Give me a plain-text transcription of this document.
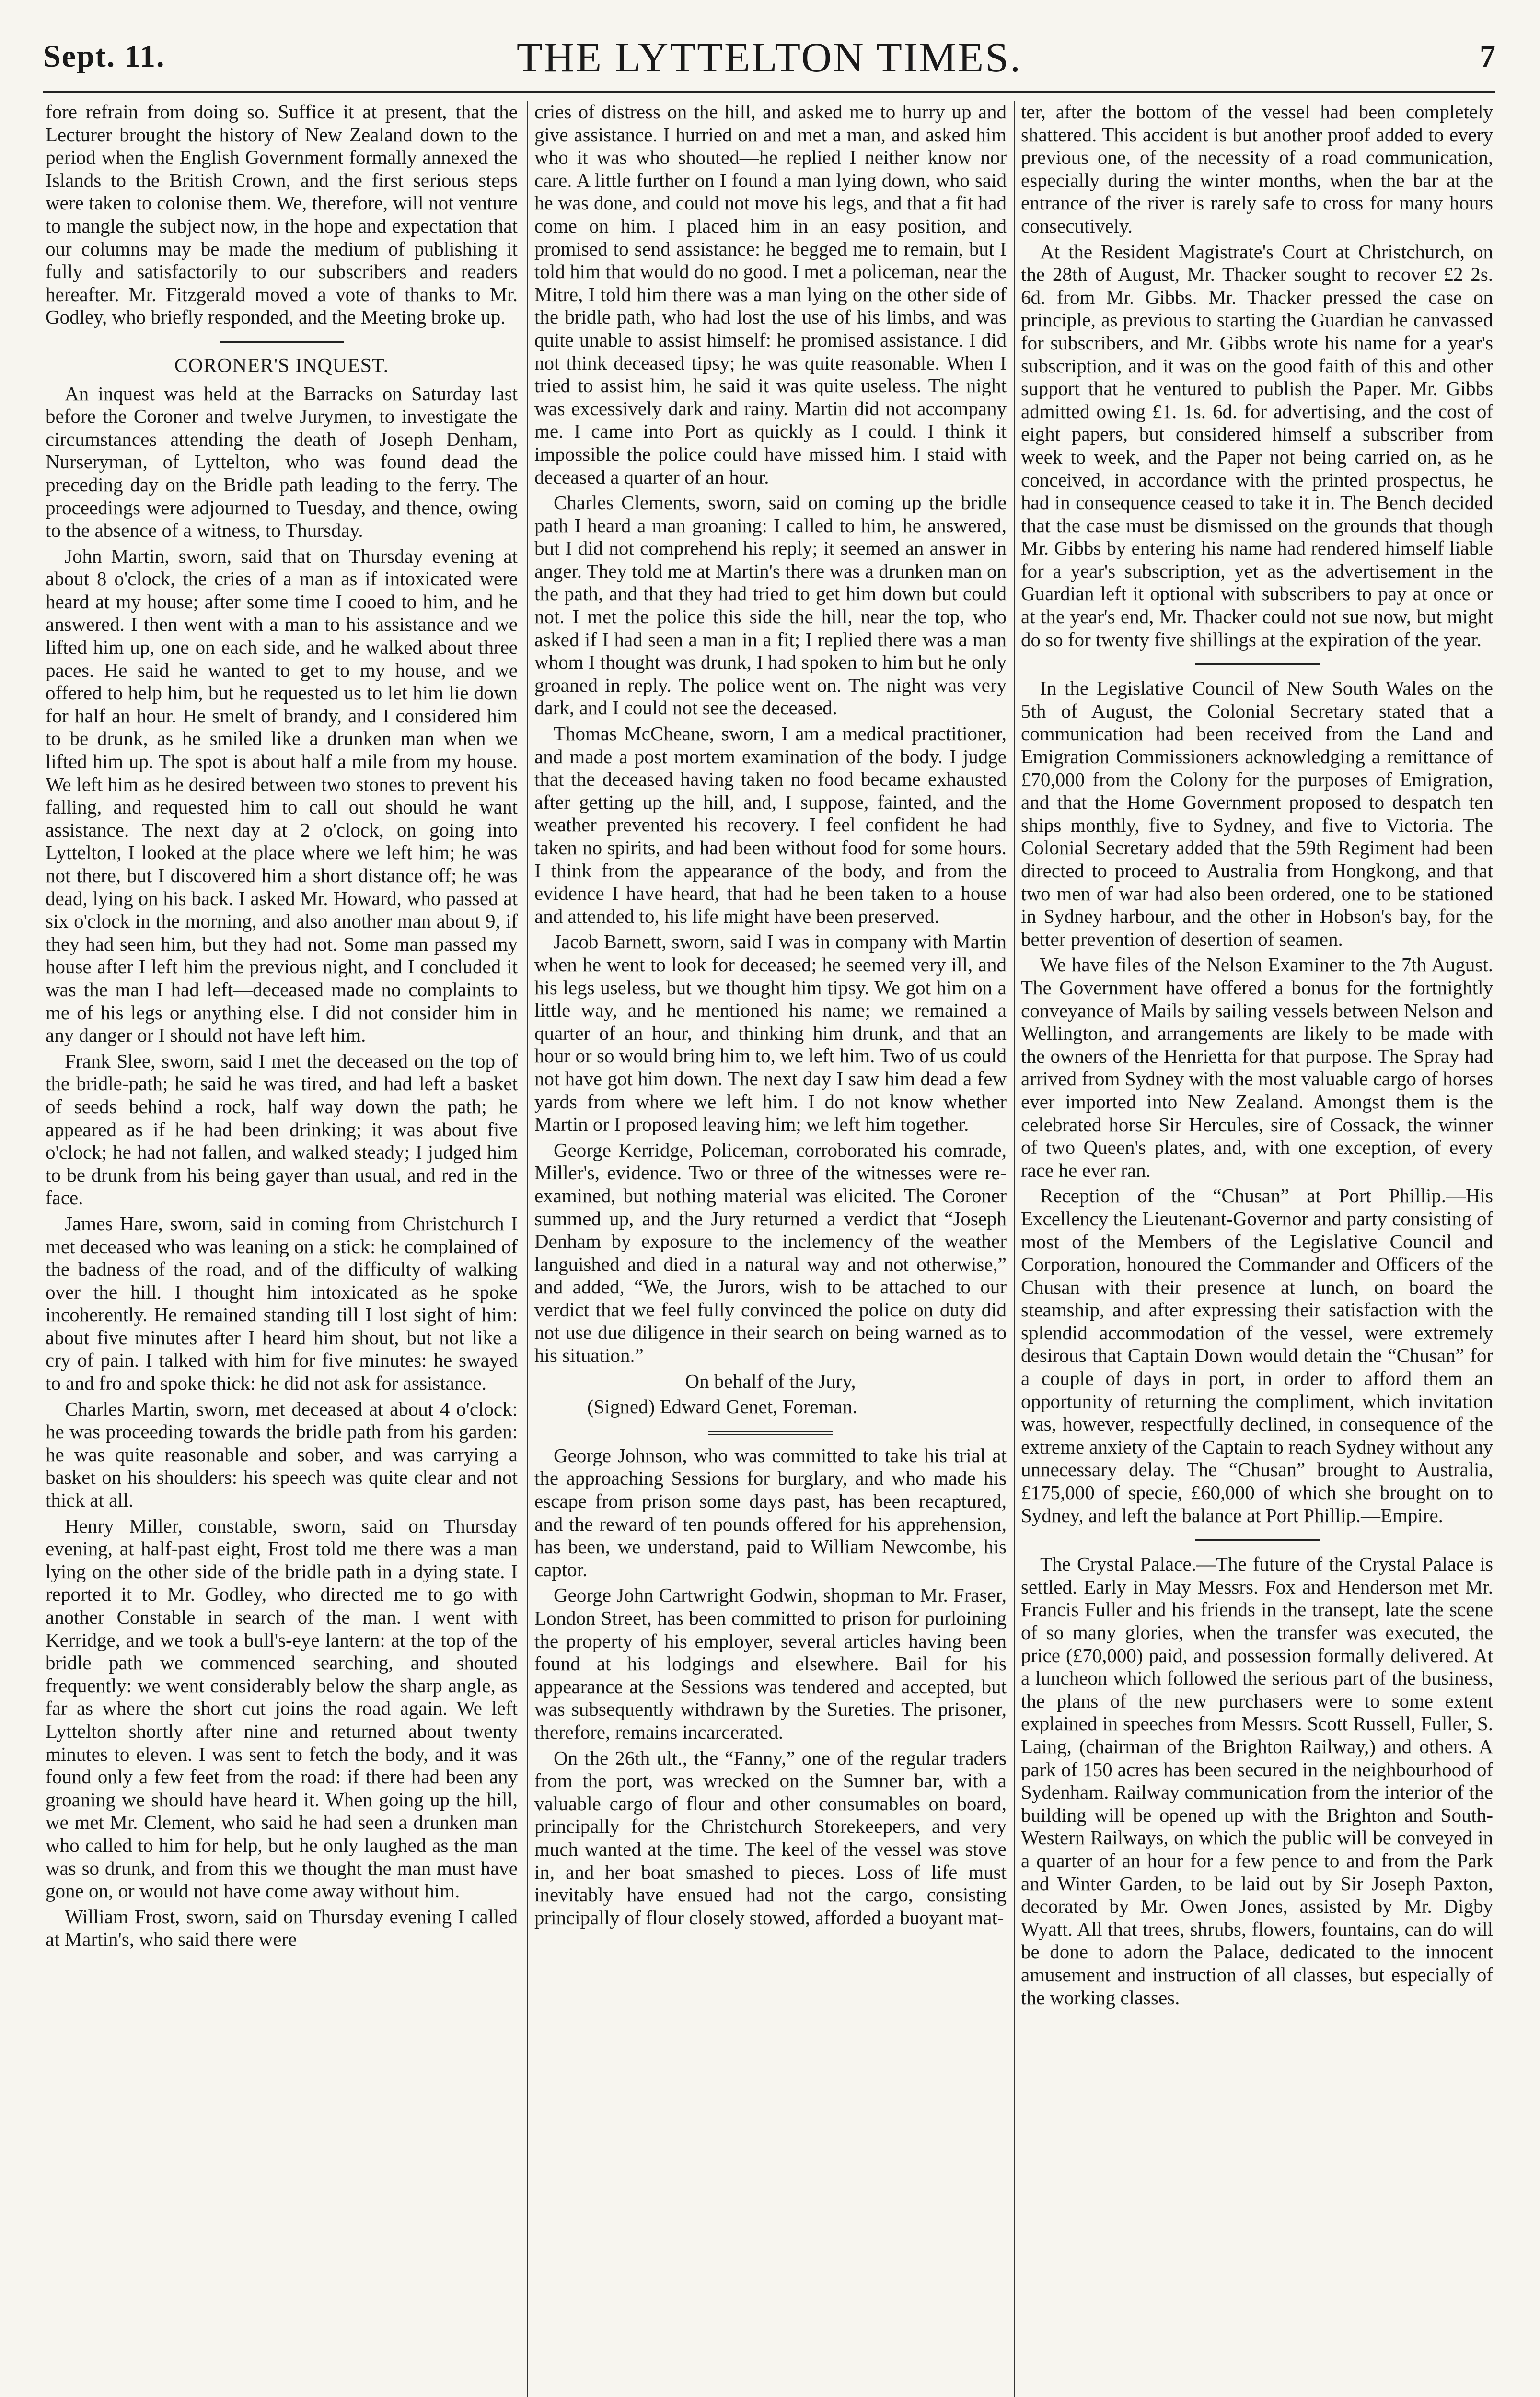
Sept. 11.	THE LYTTELTON TIMES.	7

fore refrain from doing so. Suffice it at present, that the Lecturer brought the history of New Zealand down to the period when the English Government formally annexed the Islands to the British Crown, and the first serious steps were taken to colonise them. We, therefore, will not venture to mangle the subject now, in the hope and expectation that our columns may be made the medium of publishing it fully and satisfactorily to our subscribers and readers hereafter. Mr. Fitzgerald moved a vote of thanks to Mr. Godley, who briefly responded, and the Meeting broke up.

CORONER'S INQUEST.

An inquest was held at the Barracks on Saturday last before the Coroner and twelve Jurymen, to investigate the circumstances attending the death of Joseph Denham, Nurseryman, of Lyttelton, who was found dead the preceding day on the Bridle path leading to the ferry. The proceedings were adjourned to Tuesday, and thence, owing to the absence of a witness, to Thursday.

John Martin, sworn, said that on Thursday evening at about 8 o'clock, the cries of a man as if intoxicated were heard at my house; after some time I cooed to him, and he answered. I then went with a man to his assistance and we lifted him up, one on each side, and he walked about three paces. He said he wanted to get to my house, and we offered to help him, but he requested us to let him lie down for half an hour. He smelt of brandy, and I considered him to be drunk, as he smiled like a drunken man when we lifted him up. The spot is about half a mile from my house. We left him as he desired between two stones to prevent his falling, and requested him to call out should he want assistance. The next day at 2 o'clock, on going into Lyttelton, I looked at the place where we left him; he was not there, but I discovered him a short distance off; he was dead, lying on his back. I asked Mr. Howard, who passed at six o'clock in the morning, and also another man about 9, if they had seen him, but they had not. Some man passed my house after I left him the previous night, and I concluded it was the man I had left—deceased made no complaints to me of his legs or anything else. I did not consider him in any danger or I should not have left him.

Frank Slee, sworn, said I met the deceased on the top of the bridle-path; he said he was tired, and had left a basket of seeds behind a rock, half way down the path; he appeared as if he had been drinking; it was about five o'clock; he had not fallen, and walked steady; I judged him to be drunk from his being gayer than usual, and red in the face.

James Hare, sworn, said in coming from Christchurch I met deceased who was leaning on a stick: he complained of the badness of the road, and of the difficulty of walking over the hill. I thought him intoxicated as he spoke incoherently. He remained standing till I lost sight of him: about five minutes after I heard him shout, but not like a cry of pain. I talked with him for five minutes: he swayed to and fro and spoke thick: he did not ask for assistance.

Charles Martin, sworn, met deceased at about 4 o'clock: he was proceeding towards the bridle path from his garden: he was quite reasonable and sober, and was carrying a basket on his shoulders: his speech was quite clear and not thick at all.

Henry Miller, constable, sworn, said on Thursday evening, at half-past eight, Frost told me there was a man lying on the other side of the bridle path in a dying state. I reported it to Mr. Godley, who directed me to go with another Constable in search of the man. I went with Kerridge, and we took a bull's-eye lantern: at the top of the bridle path we commenced searching, and shouted frequently: we went considerably below the sharp angle, as far as where the short cut joins the road again. We left Lyttelton shortly after nine and returned about twenty minutes to eleven. I was sent to fetch the body, and it was found only a few feet from the road: if there had been any groaning we should have heard it. When going up the hill, we met Mr. Clement, who said he had seen a drunken man who called to him for help, but he only laughed as the man was so drunk, and from this we thought the man must have gone on, or would not have come away without him.

William Frost, sworn, said on Thursday evening I called at Martin's, who said there were

cries of distress on the hill, and asked me to hurry up and give assistance. I hurried on and met a man, and asked him who it was who shouted—he replied I neither know nor care. A little further on I found a man lying down, who said he was done, and could not move his legs, and that a fit had come on him. I placed him in an easy position, and promised to send assistance: he begged me to remain, but I told him that would do no good. I met a policeman, near the Mitre, I told him there was a man lying on the other side of the bridle path, who had lost the use of his limbs, and was quite unable to assist himself: he promised assistance. I did not think deceased tipsy; he was quite reasonable. When I tried to assist him, he said it was quite useless. The night was excessively dark and rainy. Martin did not accompany me. I came into Port as quickly as I could. I think it impossible the police could have missed him. I staid with deceased a quarter of an hour.

Charles Clements, sworn, said on coming up the bridle path I heard a man groaning: I called to him, he answered, but I did not comprehend his reply; it seemed an answer in anger. They told me at Martin's there was a drunken man on the path, and that they had tried to get him down but could not. I met the police this side the hill, near the top, who asked if I had seen a man in a fit; I replied there was a man whom I thought was drunk, I had spoken to him but he only groaned in reply. The police went on. The night was very dark, and I could not see the deceased.

Thomas McCheane, sworn, I am a medical practitioner, and made a post mortem examination of the body. I judge that the deceased having taken no food became exhausted after getting up the hill, and, I suppose, fainted, and the weather prevented his recovery. I feel confident he had taken no spirits, and had been without food for some hours. I think from the appearance of the body, and from the evidence I have heard, that had he been taken to a house and attended to, his life might have been preserved.

Jacob Barnett, sworn, said I was in company with Martin when he went to look for deceased; he seemed very ill, and his legs useless, but we thought him tipsy. We got him on a little way, and he mentioned his name; we remained a quarter of an hour, and thinking him drunk, and that an hour or so would bring him to, we left him. Two of us could not have got him down. The next day I saw him dead a few yards from where we left him. I do not know whether Martin or I proposed leaving him; we left him together.

George Kerridge, Policeman, corroborated his comrade, Miller's, evidence. Two or three of the witnesses were re-examined, but nothing material was elicited. The Coroner summed up, and the Jury returned a verdict that “Joseph Denham by exposure to the inclemency of the weather languished and died in a natural way and not otherwise,” and added, “We, the Jurors, wish to be attached to our verdict that we feel fully convinced the police on duty did not use due diligence in their search on being warned as to his situation.”

On behalf of the Jury,

(Signed) Edward Genet, Foreman.

George Johnson, who was committed to take his trial at the approaching Sessions for burglary, and who made his escape from prison some days past, has been recaptured, and the reward of ten pounds offered for his apprehension, has been, we understand, paid to William Newcombe, his captor.

George John Cartwright Godwin, shopman to Mr. Fraser, London Street, has been committed to prison for purloining the property of his employer, several articles having been found at his lodgings and elsewhere. Bail for his appearance at the Sessions was tendered and accepted, but was subsequently withdrawn by the Sureties. The prisoner, therefore, remains incarcerated.

On the 26th ult., the “Fanny,” one of the regular traders from the port, was wrecked on the Sumner bar, with a valuable cargo of flour and other consumables on board, principally for the Christchurch Storekeepers, and very much wanted at the time. The keel of the vessel was stove in, and her boat smashed to pieces. Loss of life must inevitably have ensued had not the cargo, consisting principally of flour closely stowed, afforded a buoyant mat-

ter, after the bottom of the vessel had been completely shattered. This accident is but another proof added to every previous one, of the necessity of a road communication, especially during the winter months, when the bar at the entrance of the river is rarely safe to cross for many hours consecutively.

At the Resident Magistrate's Court at Christchurch, on the 28th of August, Mr. Thacker sought to recover £2 2s. 6d. from Mr. Gibbs. Mr. Thacker pressed the case on principle, as previous to starting the Guardian he canvassed for subscribers, and Mr. Gibbs wrote his name for a year's subscription, and it was on the good faith of this and other support that he ventured to publish the Paper. Mr. Gibbs admitted owing £1. 1s. 6d. for advertising, and the cost of eight papers, but considered himself a subscriber from week to week, and the Paper not being carried on, as he conceived, in accordance with the printed prospectus, he had in consequence ceased to take it in. The Bench decided that the case must be dismissed on the grounds that though Mr. Gibbs by entering his name had rendered himself liable for a year's subscription, yet as the advertisement in the Guardian left it optional with subscribers to pay at once or at the year's end, Mr. Thacker could not sue now, but might do so for twenty five shillings at the expiration of the year.

In the Legislative Council of New South Wales on the 5th of August, the Colonial Secretary stated that a communication had been received from the Land and Emigration Commissioners acknowledging a remittance of £70,000 from the Colony for the purposes of Emigration, and that the Home Government proposed to despatch ten ships monthly, five to Sydney, and five to Victoria. The Colonial Secretary added that the 59th Regiment had been directed to proceed to Australia from Hongkong, and that two men of war had also been ordered, one to be stationed in Sydney harbour, and the other in Hobson's bay, for the better prevention of desertion of seamen.

We have files of the Nelson Examiner to the 7th August. The Government have offered a bonus for the fortnightly conveyance of Mails by sailing vessels between Nelson and Wellington, and arrangements are likely to be made with the owners of the Henrietta for that purpose. The Spray had arrived from Sydney with the most valuable cargo of horses ever imported into New Zealand. Amongst them is the celebrated horse Sir Hercules, sire of Cossack, the winner of two Queen's plates, and, with one exception, of every race he ever ran.

Reception of the “Chusan” at Port Phillip.—His Excellency the Lieutenant-Governor and party consisting of most of the Members of the Legislative Council and Corporation, honoured the Commander and Officers of the Chusan with their presence at lunch, on board the steamship, and after expressing their satisfaction with the splendid accommodation of the vessel, were extremely desirous that Captain Down would detain the “Chusan” for a couple of days in port, in order to afford them an opportunity of returning the compliment, which invitation was, however, respectfully declined, in consequence of the extreme anxiety of the Captain to reach Sydney without any unnecessary delay. The “Chusan” brought to Australia, £175,000 of specie, £60,000 of which she brought on to Sydney, and left the balance at Port Phillip.—Empire.

The Crystal Palace.—The future of the Crystal Palace is settled. Early in May Messrs. Fox and Henderson met Mr. Francis Fuller and his friends in the transept, late the scene of so many glories, when the transfer was executed, the price (£70,000) paid, and possession formally delivered. At a luncheon which followed the serious part of the business, the plans of the new purchasers were to some extent explained in speeches from Messrs. Scott Russell, Fuller, S. Laing, (chairman of the Brighton Railway,) and others. A park of 150 acres has been secured in the neighbourhood of Sydenham. Railway communication from the interior of the building will be opened up with the Brighton and South-Western Railways, on which the public will be conveyed in a quarter of an hour for a few pence to and from the Park and Winter Garden, to be laid out by Sir Joseph Paxton, decorated by Mr. Owen Jones, assisted by Mr. Digby Wyatt. All that trees, shrubs, flowers, fountains, can do will be done to adorn the Palace, dedicated to the innocent amusement and instruction of all classes, but especially of the working classes.
